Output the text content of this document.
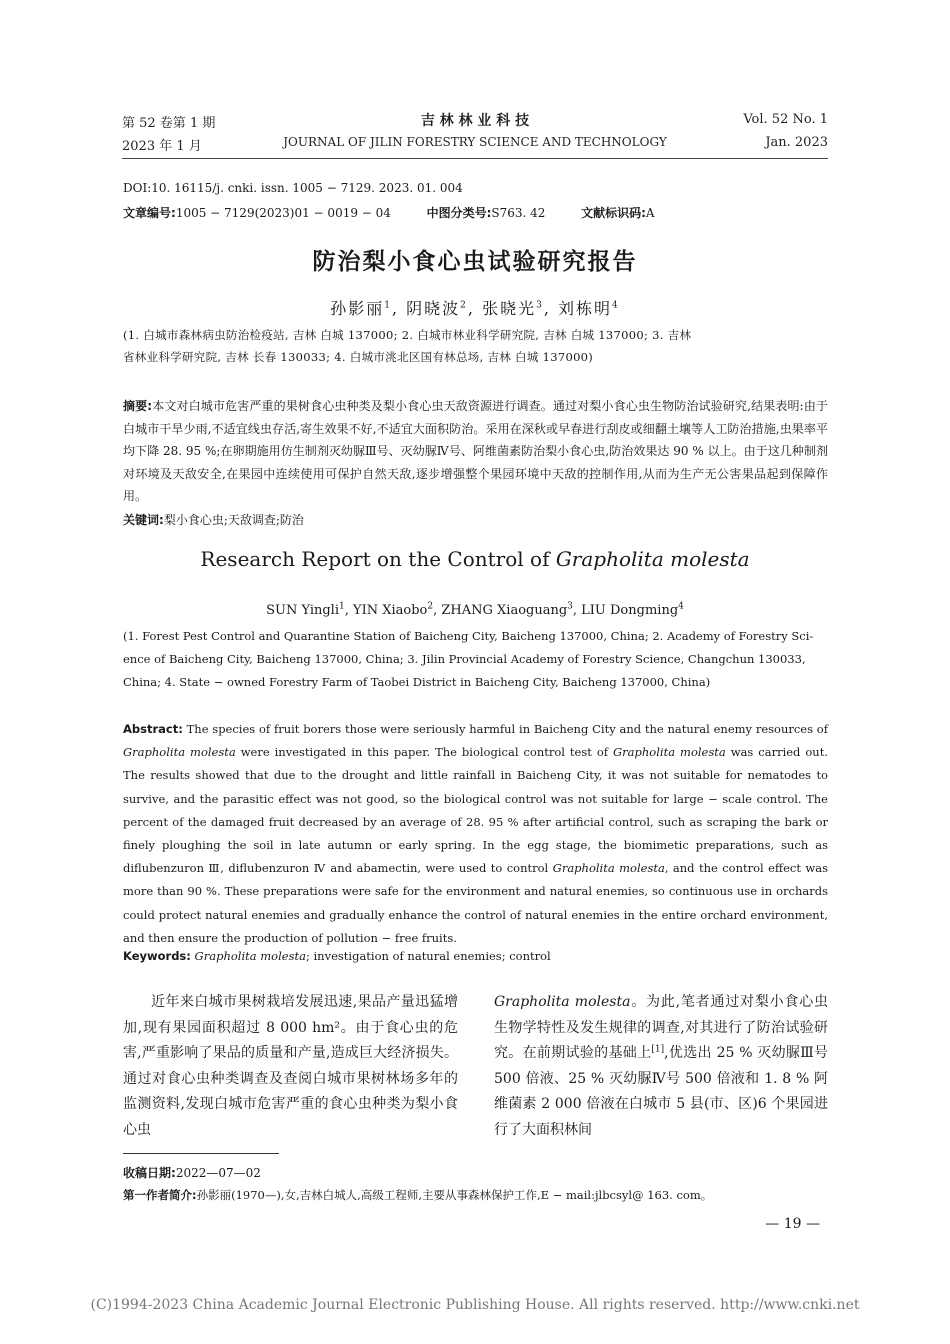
第 52 卷第 1 期
2023 年 1 月
吉 林 林 业 科 技
JOURNAL OF JILIN FORESTRY SCIENCE AND TECHNOLOGY
Vol. 52 No. 1
Jan. 2023
DOI:10. 16115/j. cnki. issn. 1005 − 7129. 2023. 01. 004
文章编号:1005 − 7129(2023)01 − 0019 − 04	中图分类号:S763. 42	文献标识码:A
防治梨小食心虫试验研究报告
孙影丽$^1$, 阴晓波$^2$, 张晓光$^3$, 刘栋明$^4$
(1. 白城市森林病虫防治检疫站, 吉林 白城 137000; 2. 白城市林业科学研究院, 吉林 白城 137000; 3. 吉林
省林业科学研究院, 吉林 长春 130033; 4. 白城市洮北区国有林总场, 吉林 白城 137000)
摘要:本文对白城市危害严重的果树食心虫种类及梨小食心虫天敌资源进行调查。通过对梨小食心虫生物防治试验研究,结果表明:由于白城市干旱少雨,不适宜线虫存活,寄生效果不好,不适宜大面积防治。采用在深秋或早春进行刮皮或细翻土壤等人工防治措施,虫果率平均下降 28. 95 %;在卵期施用仿生制剂灭幼脲Ⅲ号、灭幼脲Ⅳ号、阿维菌素防治梨小食心虫,防治效果达 90 % 以上。由于这几种制剂对环境及天敌安全,在果园中连续使用可保护自然天敌,逐步增强整个果园环境中天敌的控制作用,从而为生产无公害果品起到保障作用。
关键词:梨小食心虫;天敌调查;防治
Research Report on the Control of Grapholita molesta
SUN Yingli$^1$, YIN Xiaobo$^2$, ZHANG Xiaoguang$^3$, LIU Dongming$^4$
(1. Forest Pest Control and Quarantine Station of Baicheng City, Baicheng 137000, China; 2. Academy of Forestry Sci-
ence of Baicheng City, Baicheng 137000, China; 3. Jilin Provincial Academy of Forestry Science, Changchun 130033,
China; 4. State − owned Forestry Farm of Taobei District in Baicheng City, Baicheng 137000, China)
Abstract: The species of fruit borers those were seriously harmful in Baicheng City and the natural enemy resources of Grapholita molesta were investigated in this paper. The biological control test of Grapholita molesta was carried out. The results showed that due to the drought and little rainfall in Baicheng City, it was not suitable for nematodes to survive, and the parasitic effect was not good, so the biological control was not suitable for large − scale control. The percent of the damaged fruit decreased by an average of 28. 95 % after artificial control, such as scraping the bark or finely ploughing the soil in late autumn or early spring. In the egg stage, the biomimetic preparations, such as diflubenzuron Ⅲ, diflubenzuron Ⅳ and abamectin, were used to control Grapholita molesta, and the control effect was more than 90 %. These preparations were safe for the environment and natural enemies, so continuous use in orchards could protect natural enemies and gradually enhance the control of natural enemies in the entire orchard environment, and then ensure the production of pollution − free fruits.
Keywords: Grapholita molesta; investigation of natural enemies; control
近年来白城市果树栽培发展迅速,果品产量迅猛增加,现有果园面积超过 8 000 hm²。由于食心虫的危害,严重影响了果品的质量和产量,造成巨大经济损失。通过对食心虫种类调查及查阅白城市果树林场多年的监测资料,发现白城市危害严重的食心虫种类为梨小食心虫
Grapholita molesta。为此,笔者通过对梨小食心虫生物学特性及发生规律的调查,对其进行了防治试验研究。在前期试验的基础上[1],优选出 25 % 灭幼脲Ⅲ号 500 倍液、25 % 灭幼脲Ⅳ号 500 倍液和 1. 8 % 阿维菌素 2 000 倍液在白城市 5 县(市、区)6 个果园进行了大面积林间
收稿日期:2022—07—02
第一作者简介:孙影丽(1970—),女,吉林白城人,高级工程师,主要从事森林保护工作,E − mail:jlbcsyl@ 163. com。
— 19 —
(C)1994-2023 China Academic Journal Electronic Publishing House. All rights reserved. http://www.cnki.net
